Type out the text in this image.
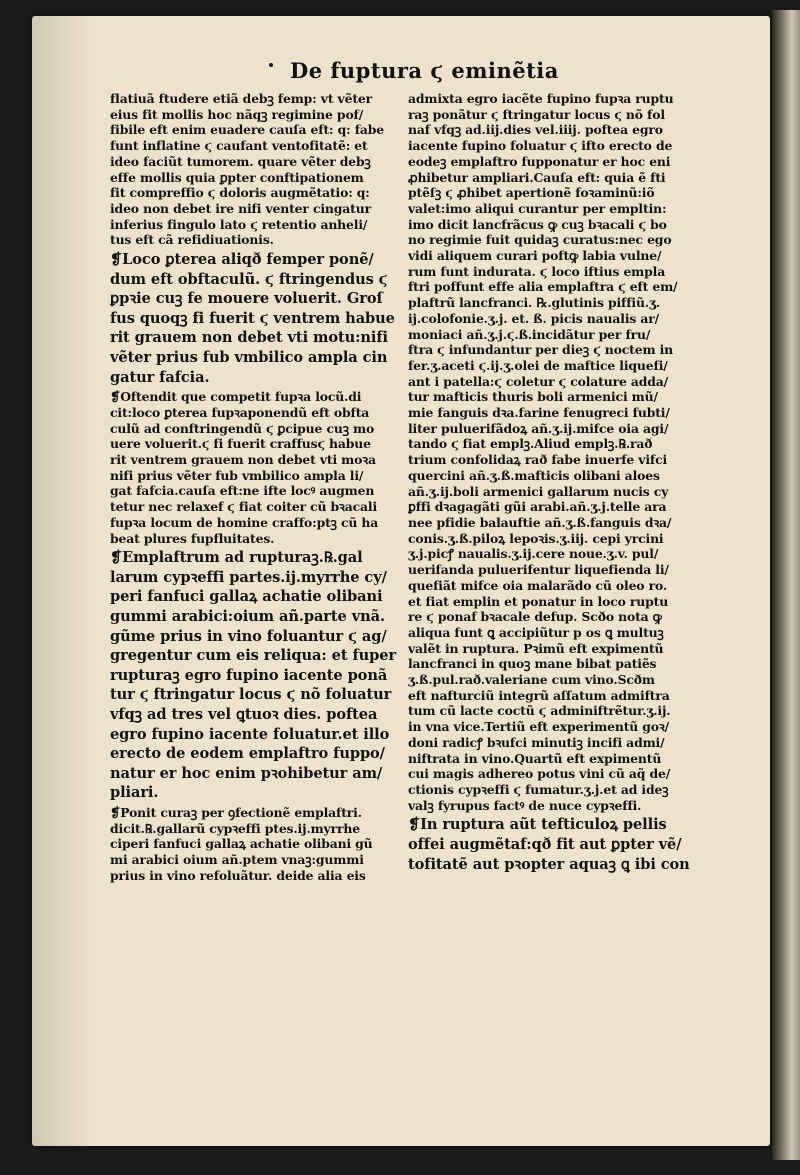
De fuptura ϛ eminẽtia
flatiuã ftudere etiã debꝫ femp: vt vẽter
eius fit mollis hoc nãqꝫ regimine pof/
fibile eft enim euadere cauſa eft: q: fabe
funt inflatine ϛ caufant ventofitatẽ: et
ideo faciũt tumorem. quare vẽter debꝫ
effe mollis quia ꝑpter conftipationem
fit compreffio ϛ doloris augmẽtatio: q:
ideo non debet ire nifi venter cingatur
inferius fingulo lato ϛ retentio anheli/
tus eft cã refidiuationis.
❡Loco ꝑterea aliqð femper ponẽ/
dum eft obftaculũ. ϛ ftringendus ϛ
ꝑpꝛie cuꝫ fe mouere voluerit. Groſ
fus quoqꝫ fi fuerit ϛ ventrem habue
rit grauem non debet vti motu:nifi
vẽter prius fub vmbilico ampla cin
gatur fafcia.
❡Oftendit que competit fupꝛa locũ.di
cit:loco ꝑterea fupꝛaponendũ eft obfta
culũ ad conftringendũ ϛ ꝑcipue cuꝫ mo
uere voluerit.ϛ fi fuerit craffusϛ habue
rit ventrem grauem non debet vti moꝛa
nifi prius vẽter fub vmbilico ampla li/
gat fafcia.cauſa eft:ne ifte locꝰ augmen
tetur nec relaxef ϛ fiat coiter cũ bꝛacali
fupꝛa locum de homine craffo:ptꝫ cũ ha
beat plures fupfluitates.
❡Emplaftrum ad rupturaꝫ.℞.gal
larum cypꝛeffi partes.ij.myrrhe cy/
peri fanfuci gallaꝝ achatie olibani
gummi arabici:oium añ.parte vnã.
gũme prius in vino foluantur ϛ ag/
gregentur cum eis reliqua: et fuper
rupturaꝫ egro fupino iacente ponã
tur ϛ ftringatur locus ϛ nõ foluatur
vfqꝫ ad tres vel ꝗtuoꝛ dies. poftea
egro fupino iacente foluatur.et illo
erecto de eodem emplaftro fuppo/
natur er hoc enim pꝛohibetur am/
pliari.
❡Ponit curaꝫ per ꝯfectionẽ emplaftri.
dicit.℞.gallarũ cypꝛeffi ptes.ij.myrrhe
ciperi fanfuci gallaꝝ achatie olibani gũ
mi arabici oium añ.ptem vnaꝫ:gummi
prius in vino refoluãtur. deide alia eis
admixta egro iacẽte fupino fupꝛa ruptu
raꝫ ponãtur ϛ ftringatur locus ϛ nõ fol
naf vfqꝫ ad.iij.dies vel.iiij. poftea egro
iacente fupino foluatur ϛ ifto erecto de
eodeꝫ emplaftro fupponatur er hoc eni
ꝓhibetur ampliari.Cauſa eft: quia ẽ fti
ptẽſꝫ ϛ ꝓhibet apertionẽ foꝛaminũ:iõ
valet:imo aliqui curantur per empltin:
imo dicit lancfrãcus ꝙ cuꝫ bꝛacali ϛ bo
no regimie fuit quidaꝫ curatus:nec ego
vidi aliquem curari poftꝙ labia vulne/
rum funt indurata. ϛ loco iftius empla
ftri poffunt effe alia emplaftra ϛ eft em/
plaftrũ lancfranci. ℞.glutinis piffiũ.ʒ.
ij.colofonie.ʒ.j. et. ß. picis naualis ar/
moniaci añ.ʒ.j.ϛ.ß.incidãtur per fru/
ftra ϛ infundantur per dieꝫ ϛ noctem in
fer.ʒ.aceti ϛ.ij.ʒ.olei de maftice liquefi/
ant i patella:ϛ coletur ϛ colature adda/
tur mafticis thuris boli armenici mũ/
mie fanguis dꝛa.farine fenugreci fubti/
liter puluerifãdoꝝ añ.ʒ.ij.mifce oia agi/
tando ϛ fiat emplꝫ.Aliud emplꝫ.℞.rað
trium confolidaꝝ rað fabe inuerfe vifci
quercini añ.ʒ.ß.mafticis olibani aloes
añ.ʒ.ij.boli armenici gallarum nucis cy
ꝑffi dꝛagagãti gũi arabi.añ.ʒ.j.telle ara
nee pfidie balauftie añ.ʒ.ß.fanguis dꝛa/
conis.ʒ.ß.piloꝝ lepoꝛis.ʒ.iij. cepi yrcini
ʒ.j.picꝭ naualis.ʒ.ij.cere noue.ʒ.v. pul/
uerifanda puluerifentur liquefienda li/
quefiãt mifce oia malarãdo cũ oleo ro.
et fiat emplin et ponatur in loco ruptu
re ϛ ponaf bꝛacale defup. Scðo nota ꝙ
aliqua funt ꝗ accipiũtur p os ꝗ multuꝫ
valẽt in ruptura. Pꝛimũ eft expimentũ
lancfranci in quoꝫ mane bibat patiẽs
ʒ.ß.pul.rað.valeriane cum vino.Scðm
eft nafturciũ integrũ aſſatum admiftra
tum cũ lacte coctũ ϛ adminiftrẽtur.ʒ.ij.
in vna vice.Tertiũ eft experimentũ goꝛ/
doni radicꝭ bꝛufci minutiꝫ incifi admi/
niftrata in vino.Quartũ eft expimentũ
cui magis adhereo potus vini cũ aq̃ de/
ctionis cypꝛeffi ϛ fumatur.ʒ.j.et ad ideꝫ
valꝫ fyrupus factꝰ de nuce cypꝛeffi.
❡In ruptura aũt tefticuloꝝ pellis
offei augmẽtaf:qð fit aut ꝑpter vẽ/
tofitatẽ aut pꝛopter aquaꝫ ꝗ ibi con
